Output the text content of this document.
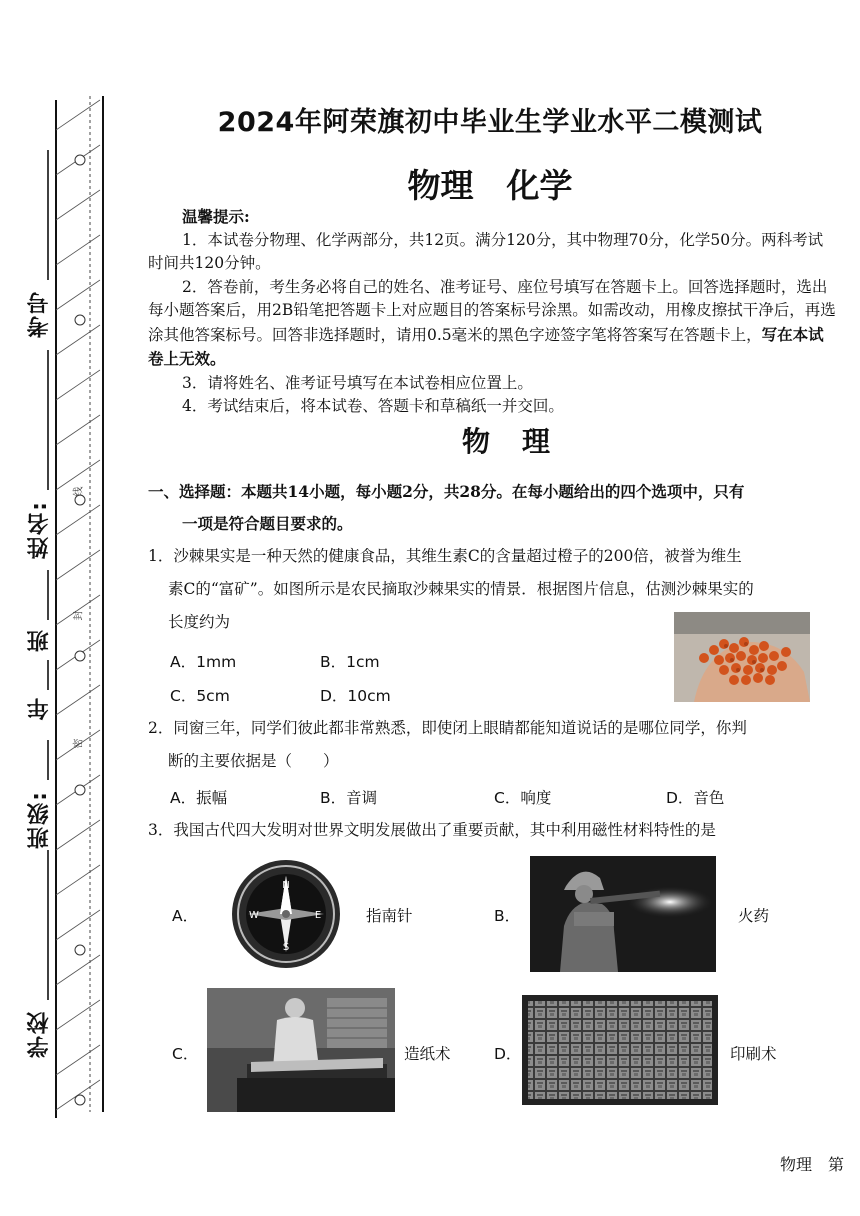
考号
姓名:
班
年
班级:
学校
线
封
密
2024年阿荣旗初中毕业生学业水平二模测试
物理　化学

温馨提示:

1．本试卷分物理、化学两部分，共12页。满分120分，其中物理70分，化学50分。两科考试时间共120分钟。

2．答卷前，考生务必将自己的姓名、准考证号、座位号填写在答题卡上。回答选择题时，选出每小题答案后，用2B铅笔把答题卡上对应题目的答案标号涂黑。如需改动，用橡皮擦拭干净后，再选涂其他答案标号。回答非选择题时，请用0.5毫米的黑色字迹签字笔将答案写在答题卡上，写在本试卷上无效。

3．请将姓名、准考证号填写在本试卷相应位置上。

4．考试结束后，将本试卷、答题卡和草稿纸一并交回。

物理
一、选择题：本题共14小题，每小题2分，共28分。在每小题给出的四个选项中，只有
一项是符合题目要求的。
1．沙棘果实是一种天然的健康食品，其维生素C的含量超过橙子的200倍，被誉为维生
素C的“富矿”。如图所示是农民摘取沙棘果实的情景．根据图片信息，估测沙棘果实的
长度约为
A．1mm	B．1cm
C．5cm	D．10cm
2．同窗三年，同学们彼此都非常熟悉，即使闭上眼睛都能知道说话的是哪位同学，你判
断的主要依据是（　　）
A．振幅	B．音调	C．响度	D．音色
3．我国古代四大发明对世界文明发展做出了重要贡献，其中利用磁性材料特性的是
A．
N
E
S
W	指南针	B．	火药
C．	造纸术	D．	印刷术
物理　第
